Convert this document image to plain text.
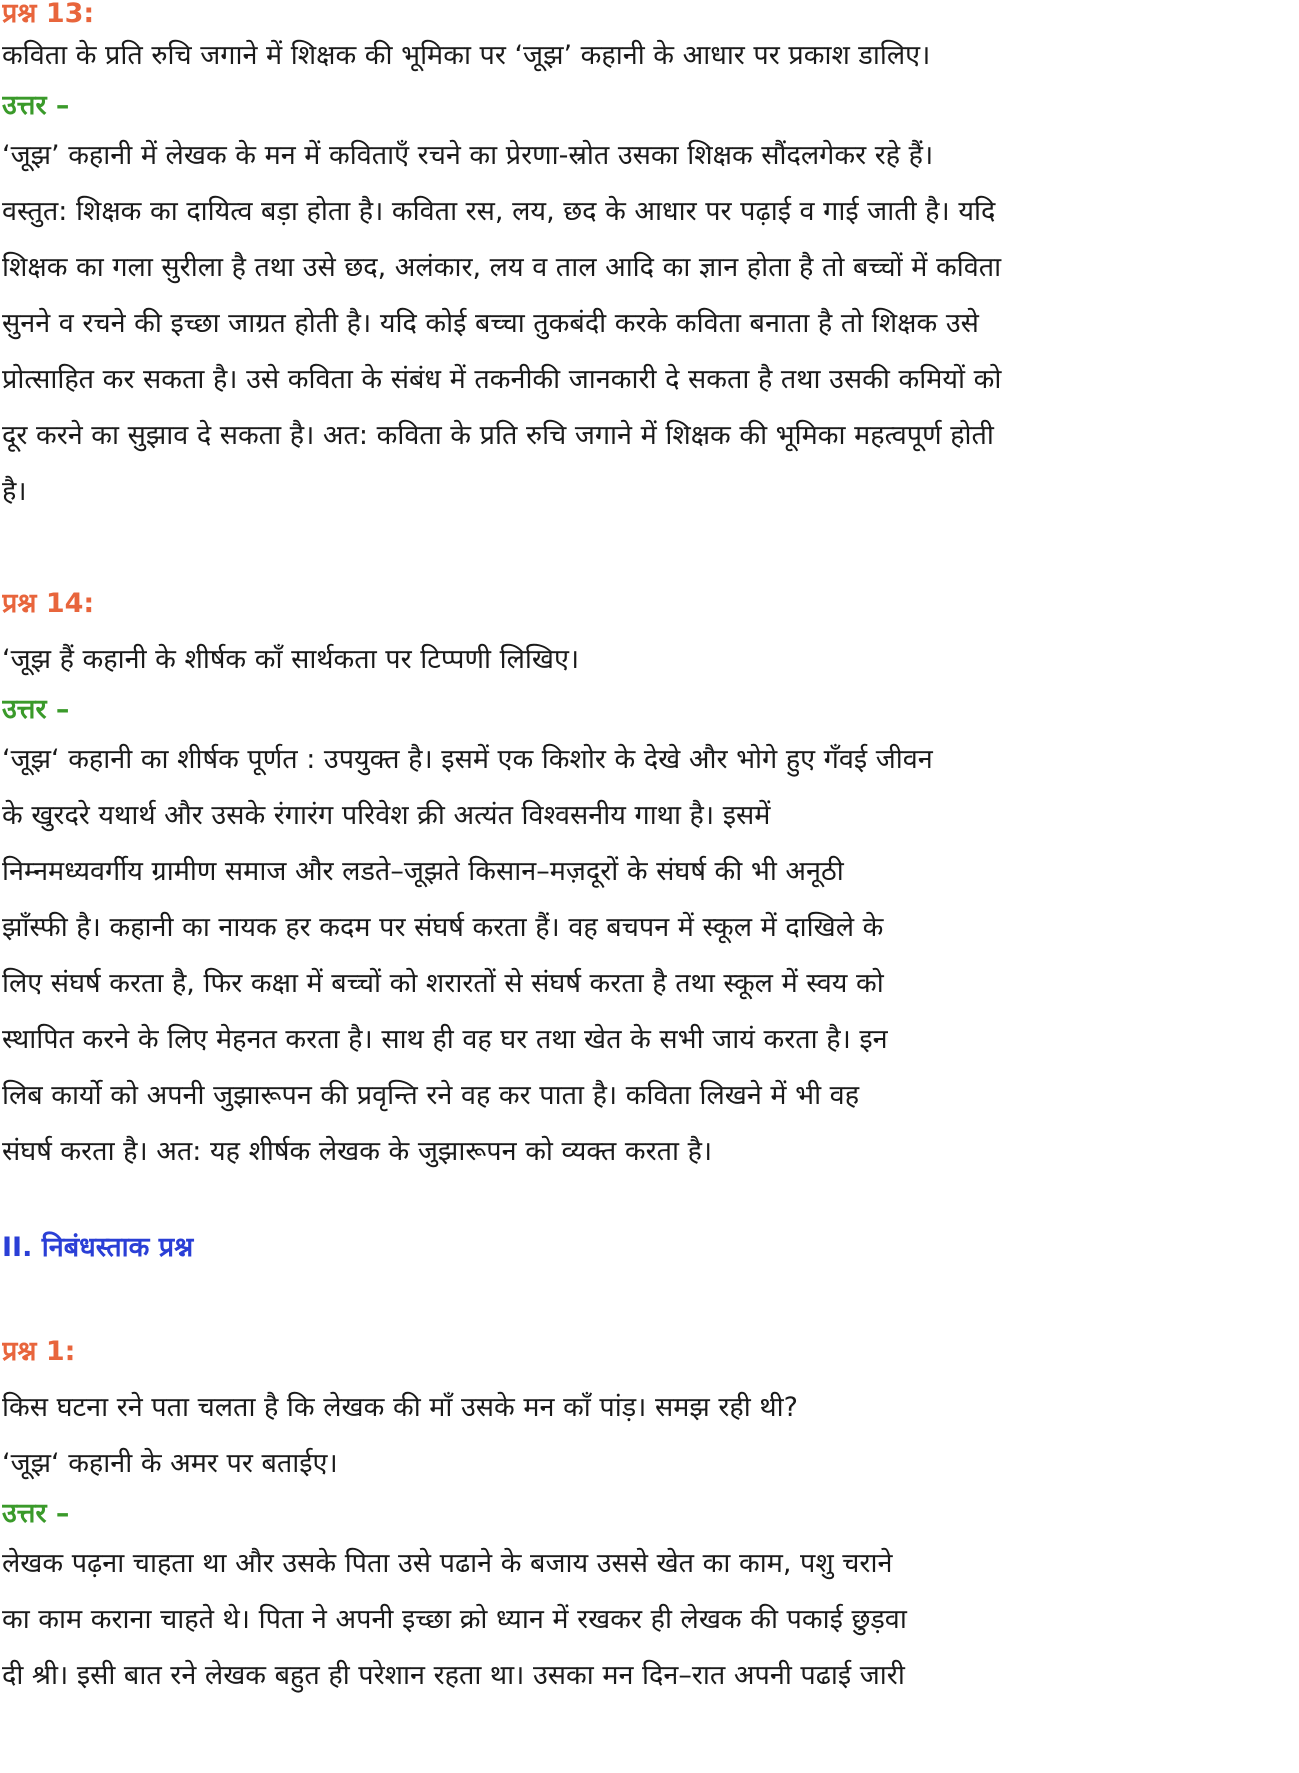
प्रश्न 13:
कविता के प्रति रुचि जगाने में शिक्षक की भूमिका पर ‘जूझ’ कहानी के आधार पर प्रकाश डालिए।
उत्तर –
‘जूझ’ कहानी में लेखक के मन में कविताएँ रचने का प्रेरणा-स्रोत उसका शिक्षक सौंदलगेकर रहे हैं।
वस्तुत: शिक्षक का दायित्व बड़ा होता है। कविता रस, लय, छद के आधार पर पढ़ाई व गाई जाती है। यदि
शिक्षक का गला सुरीला है तथा उसे छद, अलंकार, लय व ताल आदि का ज्ञान होता है तो बच्चों में कविता
सुनने व रचने की इच्छा जाग्रत होती है। यदि कोई बच्चा तुकबंदी करके कविता बनाता है तो शिक्षक उसे
प्रोत्साहित कर सकता है। उसे कविता के संबंध में तकनीकी जानकारी दे सकता है तथा उसकी कमियों को
दूर करने का सुझाव दे सकता है। अत: कविता के प्रति रुचि जगाने में शिक्षक की भूमिका महत्वपूर्ण होती
है।
प्रश्न 14:
‘जूझ हैं कहानी के शीर्षक काँ सार्थकता पर टिप्पणी लिखिए।
उत्तर –
‘जूझ‘ कहानी का शीर्षक पूर्णत : उपयुक्त है। इसमें एक किशोर के देखे और भोगे हुए गँवई जीवन
के खुरदरे यथार्थ और उसके रंगारंग परिवेश क्री अत्यंत विश्वसनीय गाथा है। इसमें
निम्नमध्यवर्गीय ग्रामीण समाज और लडते–जूझते किसान–मज़दूरों के संघर्ष की भी अनूठी
झाँस्फी है। कहानी का नायक हर कदम पर संघर्ष करता हैं। वह बचपन में स्कूल में दाखिले के
लिए संघर्ष करता है, फिर कक्षा में बच्चों को शरारतों से संघर्ष करता है तथा स्कूल में स्वय को
स्थापित करने के लिए मेहनत करता है। साथ ही वह घर तथा खेत के सभी जायं करता है। इन
लिब कार्यो को अपनी जुझारूपन की प्रवृन्ति रने वह कर पाता है। कविता लिखने में भी वह
संघर्ष करता है। अत: यह शीर्षक लेखक के जुझारूपन को व्यक्त करता है।
II. निबंधस्ताक प्रश्न
प्रश्न 1:
किस घटना रने पता चलता है कि लेखक की माँ उसके मन काँ पांड़। समझ रही थी?
‘जूझ‘ कहानी के अमर पर बताईए।
उत्तर –
लेखक पढ़ना चाहता था और उसके पिता उसे पढाने के बजाय उससे खेत का काम, पशु चराने
का काम कराना चाहते थे। पिता ने अपनी इच्छा क्रो ध्यान में रखकर ही लेखक की पकाई छुड़वा
दी श्री। इसी बात रने लेखक बहुत ही परेशान रहता था। उसका मन दिन–रात अपनी पढाई जारी
